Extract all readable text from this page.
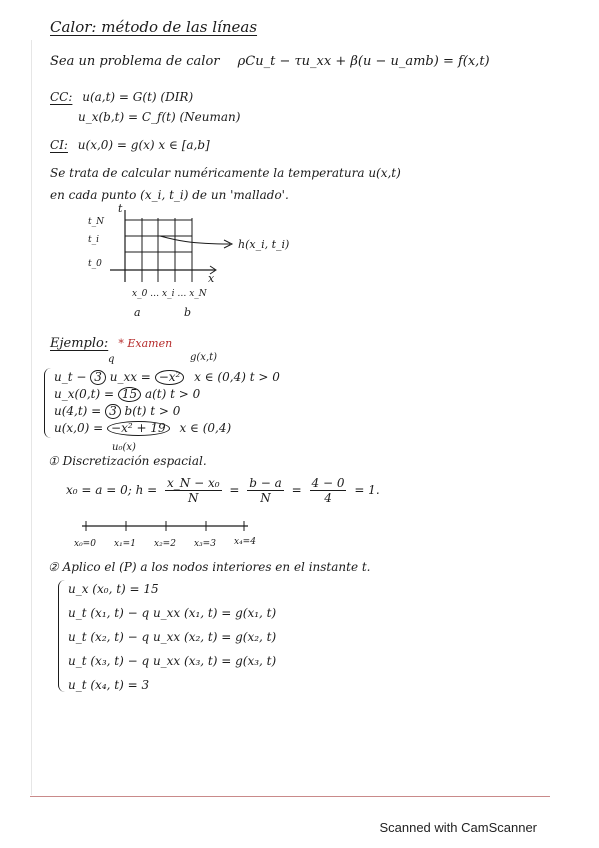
Calor: método de las líneas
Sea un problema de calor ρCu_t − τu_xx + β(u − u_amb) = f(x,t)
CC: u(a,t) = G(t) (DIR)
u_x(b,t) = C_f(t) (Neuman)
CI: u(x,0) = g(x) x ∈ [a,b]
Se trata de calcular numéricamente la temperatura u(x,t)
en cada punto (x_i, t_i) de un 'mallado'.
t
h(x_i, t_i)
t_N
t_i
t_0
x
x_0 … x_i … x_N
a	b
Ejemplo: * Examen
q	g(x,t)
u_t − 3 u_xx = −x² x ∈ (0,4) t > 0
u_x(0,t) = 15 a(t) t > 0
u(4,t) = 3 b(t) t > 0
u(x,0) = −x² + 19 x ∈ (0,4)
u₀(x)
① Discretización espacial.
x₀ = a = 0; $h = \frac{\text{x\_N − x₀}}{N} = \frac{b - a}{N} = \frac{4 - 0}{4} = 1$.
x₀=0 x₁=1 x₂=2 x₃=3 x₄=4
② Aplico el (P) a los nodos interiores en el instante t.
u_x (x₀, t) = 15
u_t (x₁, t) − q u_xx (x₁, t) = g(x₁, t)
u_t (x₂, t) − q u_xx (x₂, t) = g(x₂, t)
u_t (x₃, t) − q u_xx (x₃, t) = g(x₃, t)
u_t (x₄, t) = 3
Scanned with CamScanner
